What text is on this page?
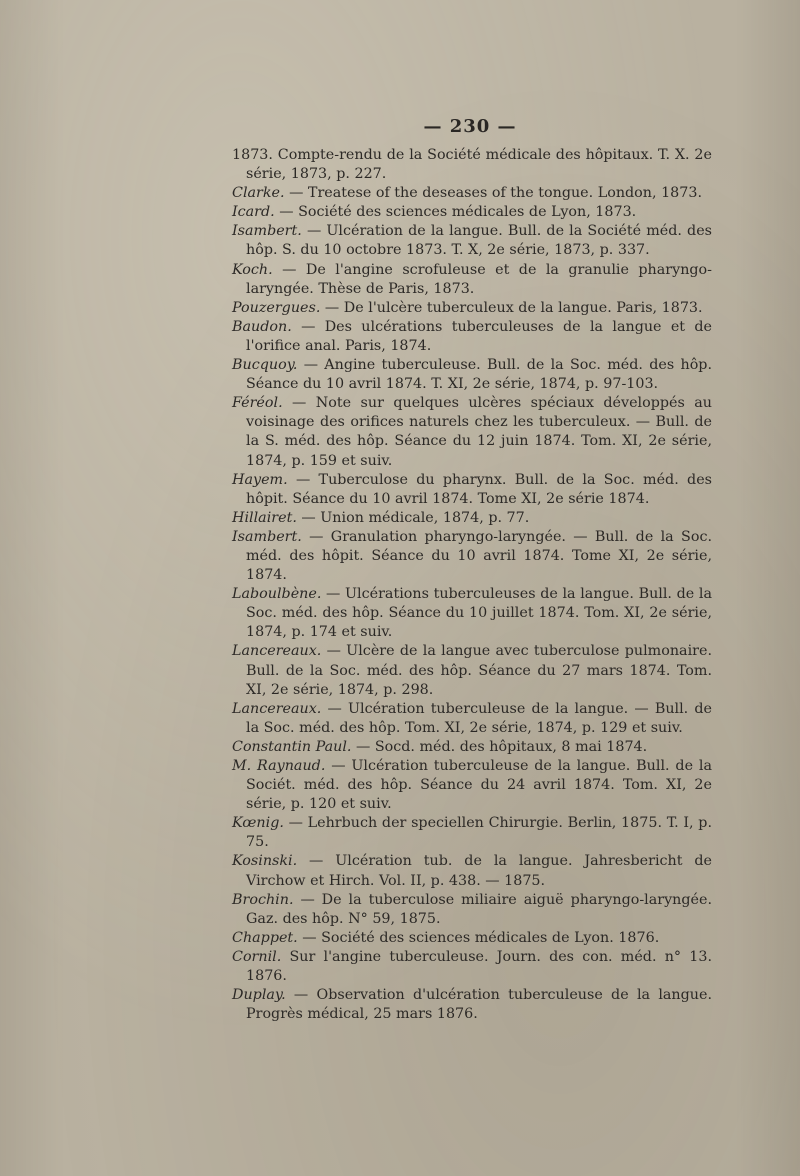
— 230 —

1873. Compte-rendu de la Société médicale des hôpitaux. T. X. 2e série, 1873, p. 227.

Clarke. — Treatese of the deseases of the tongue. London, 1873.

Icard. — Société des sciences médicales de Lyon, 1873.

Isambert. — Ulcération de la langue. Bull. de la Société méd. des hôp. S. du 10 octobre 1873. T. X, 2e série, 1873, p. 337.

Koch. — De l'angine scrofuleuse et de la granulie pharyngo-laryngée. Thèse de Paris, 1873.

Pouzergues. — De l'ulcère tuberculeux de la langue. Paris, 1873.

Baudon. — Des ulcérations tuberculeuses de la langue et de l'orifice anal. Paris, 1874.

Bucquoy. — Angine tuberculeuse. Bull. de la Soc. méd. des hôp. Séance du 10 avril 1874. T. XI, 2e série, 1874, p. 97-103.

Féréol. — Note sur quelques ulcères spéciaux développés au voisinage des orifices naturels chez les tuberculeux. — Bull. de la S. méd. des hôp. Séance du 12 juin 1874. Tom. XI, 2e série, 1874, p. 159 et suiv.

Hayem. — Tuberculose du pharynx. Bull. de la Soc. méd. des hôpit. Séance du 10 avril 1874. Tome XI, 2e série 1874.

Hillairet. — Union médicale, 1874, p. 77.

Isambert. — Granulation pharyngo-laryngée. — Bull. de la Soc. méd. des hôpit. Séance du 10 avril 1874. Tome XI, 2e série, 1874.

Laboulbène. — Ulcérations tuberculeuses de la langue. Bull. de la Soc. méd. des hôp. Séance du 10 juillet 1874. Tom. XI, 2e série, 1874, p. 174 et suiv.

Lancereaux. — Ulcère de la langue avec tuberculose pulmonaire. Bull. de la Soc. méd. des hôp. Séance du 27 mars 1874. Tom. XI, 2e série, 1874, p. 298.

Lancereaux. — Ulcération tuberculeuse de la langue. — Bull. de la Soc. méd. des hôp. Tom. XI, 2e série, 1874, p. 129 et suiv.

Constantin Paul. — Socd. méd. des hôpitaux, 8 mai 1874.

M. Raynaud. — Ulcération tuberculeuse de la langue. Bull. de la Sociét. méd. des hôp. Séance du 24 avril 1874. Tom. XI, 2e série, p. 120 et suiv.

Kœnig. — Lehrbuch der speciellen Chirurgie. Berlin, 1875. T. I, p. 75.

Kosinski. — Ulcération tub. de la langue. Jahresbericht de Virchow et Hirch. Vol. II, p. 438. — 1875.

Brochin. — De la tuberculose miliaire aiguë pharyngo-laryngée. Gaz. des hôp. N° 59, 1875.

Chappet. — Société des sciences médicales de Lyon. 1876.

Cornil. Sur l'angine tuberculeuse. Journ. des con. méd. n° 13. 1876.

Duplay. — Observation d'ulcération tuberculeuse de la langue. Progrès médical, 25 mars 1876.
